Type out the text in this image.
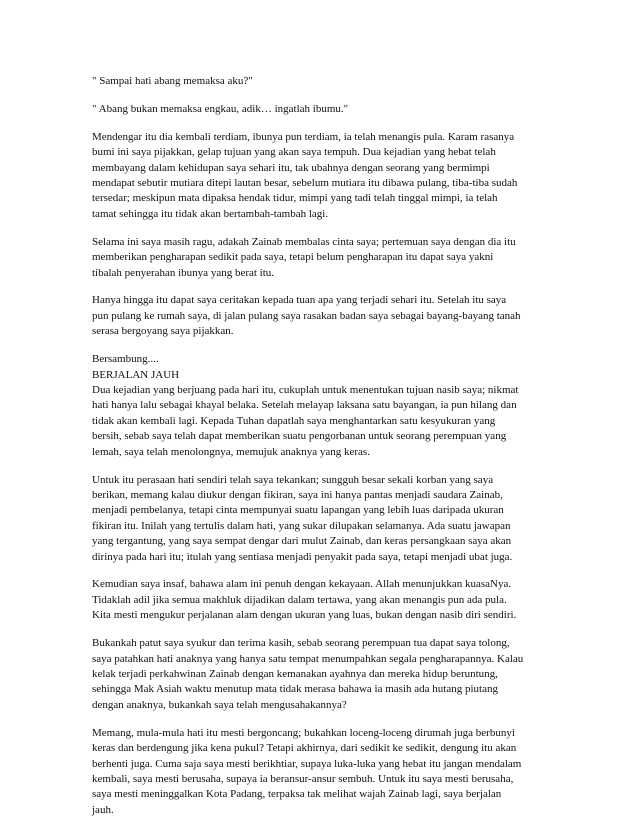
" Sampai hati abang memaksa aku?"
" Abang bukan memaksa engkau, adik… ingatlah ibumu."
Mendengar itu dia kembali terdiam, ibunya pun terdiam, ia telah menangis pula. Karam rasanya
bumi ini saya pijakkan, gelap tujuan yang akan saya tempuh. Dua kejadian yang hebat telah
membayang dalam kehidupan saya sehari itu, tak ubahnya dengan seorang yang bermimpi
mendapat sebutir mutiara ditepi lautan besar, sebelum mutiara itu dibawa pulang, tiba-tiba sudah
tersedar; meskipun mata dipaksa hendak tidur, mimpi yang tadi telah tinggal mimpi, ia telah
tamat sehingga itu tidak akan bertambah-tambah lagi.
Selama ini saya masih ragu, adakah Zainab membalas cinta saya; pertemuan saya dengan dia itu
memberikan pengharapan sedikit pada saya, tetapi belum pengharapan itu dapat saya yakni
tibalah penyerahan ibunya yang berat itu.
Hanya hingga itu dapat saya ceritakan kepada tuan apa yang terjadi sehari itu. Setelah itu saya
pun pulang ke rumah saya, di jalan pulang saya rasakan badan saya sebagai bayang-bayang tanah
serasa bergoyang saya pijakkan.
Bersambung....
BERJALAN JAUH
Dua kejadian yang berjuang pada hari itu, cukuplah untuk menentukan tujuan nasib saya; nikmat
hati hanya lalu sebagai khayal belaka. Setelah melayap laksana satu bayangan, ia pun hilang dan
tidak akan kembali lagi. Kepada Tuhan dapatlah saya menghantarkan satu kesyukuran yang
bersih, sebab saya telah dapat memberikan suatu pengorbanan untuk seorang perempuan yang
lemah, saya telah menolongnya, memujuk anaknya yang keras.
Untuk itu perasaan hati sendiri telah saya tekankan; sungguh besar sekali korban yang saya
berikan, memang kalau diukur dengan fikiran, saya ini hanya pantas menjadi saudara Zainab,
menjadi pembelanya, tetapi cinta mempunyai suatu lapangan yang lebih luas daripada ukuran
fikiran itu. Inilah yang tertulis dalam hati, yang sukar dilupakan selamanya. Ada suatu jawapan
yang tergantung, yang saya sempat dengar dari mulut Zainab, dan keras persangkaan saya akan
dirinya pada hari itu; itulah yang sentiasa menjadi penyakit pada saya, tetapi menjadi ubat juga.
Kemudian saya insaf, bahawa alam ini penuh dengan kekayaan. Allah menunjukkan kuasaNya.
Tidaklah adil jika semua makhluk dijadikan dalam tertawa, yang akan menangis pun ada pula.
Kita mesti mengukur perjalanan alam dengan ukuran yang luas, bukan dengan nasib diri sendiri.
Bukankah patut saya syukur dan terima kasih, sebab seorang perempuan tua dapat saya tolong,
saya patahkan hati anaknya yang hanya satu tempat menumpahkan segala pengharapannya. Kalau
kelak terjadi perkahwinan Zainab dengan kemanakan ayahnya dan mereka hidup beruntung,
sehingga Mak Asiah waktu menutup mata tidak merasa bahawa ia masih ada hutang piutang
dengan anaknya, bukankah saya telah mengusahakannya?
Memang, mula-mula hati itu mesti bergoncang; bukahkan loceng-loceng dirumah juga berbunyi
keras dan berdengung jika kena pukul? Tetapi akhirnya, dari sedikit ke sedikit, dengung itu akan
berhenti juga. Cuma saja saya mesti berikhtiar, supaya luka-luka yang hebat itu jangan mendalam
kembali, saya mesti berusaha, supaya ia beransur-ansur sembuh. Untuk itu saya mesti berusaha,
saya mesti meninggalkan Kota Padang, terpaksa tak melihat wajah Zainab lagi, saya berjalan
jauh.
